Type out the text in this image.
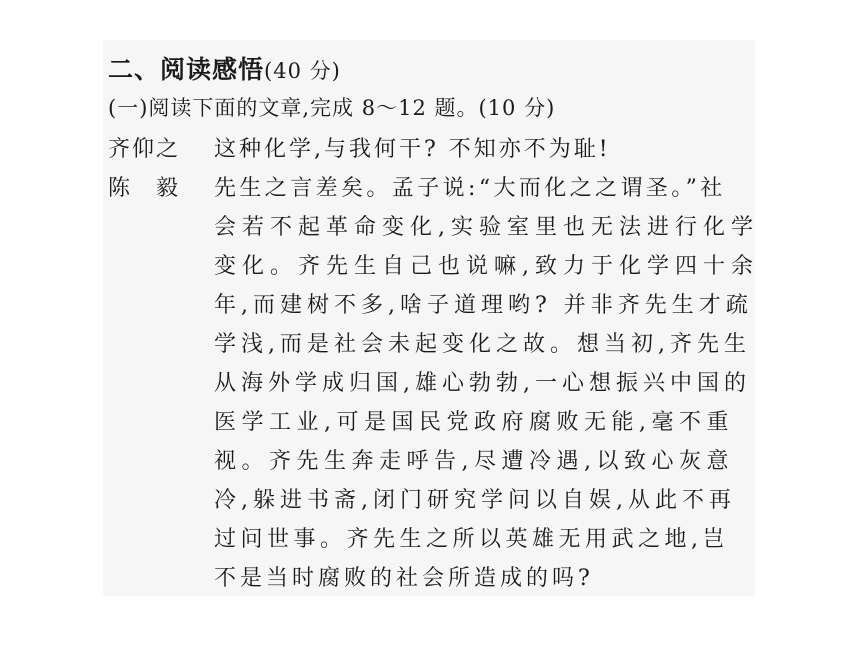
二、阅读感悟(40 分)
(一)阅读下面的文章,完成 8～12 题。(10 分)
齐仰之 这种化学,与我何干? 不知亦不为耻!
陈　毅 先生之言差矣。孟子说:“大而化之之谓圣。”社
会若不起革命变化,实验室里也无法进行化学
变化。齐先生自己也说嘛,致力于化学四十余
年,而建树不多,啥子道理哟? 并非齐先生才疏
学浅,而是社会未起变化之故。想当初,齐先生
从海外学成归国,雄心勃勃,一心想振兴中国的
医学工业,可是国民党政府腐败无能,毫不重
视。齐先生奔走呼告,尽遭冷遇,以致心灰意
冷,躲进书斋,闭门研究学问以自娱,从此不再
过问世事。齐先生之所以英雄无用武之地,岂
不是当时腐败的社会所造成的吗?
